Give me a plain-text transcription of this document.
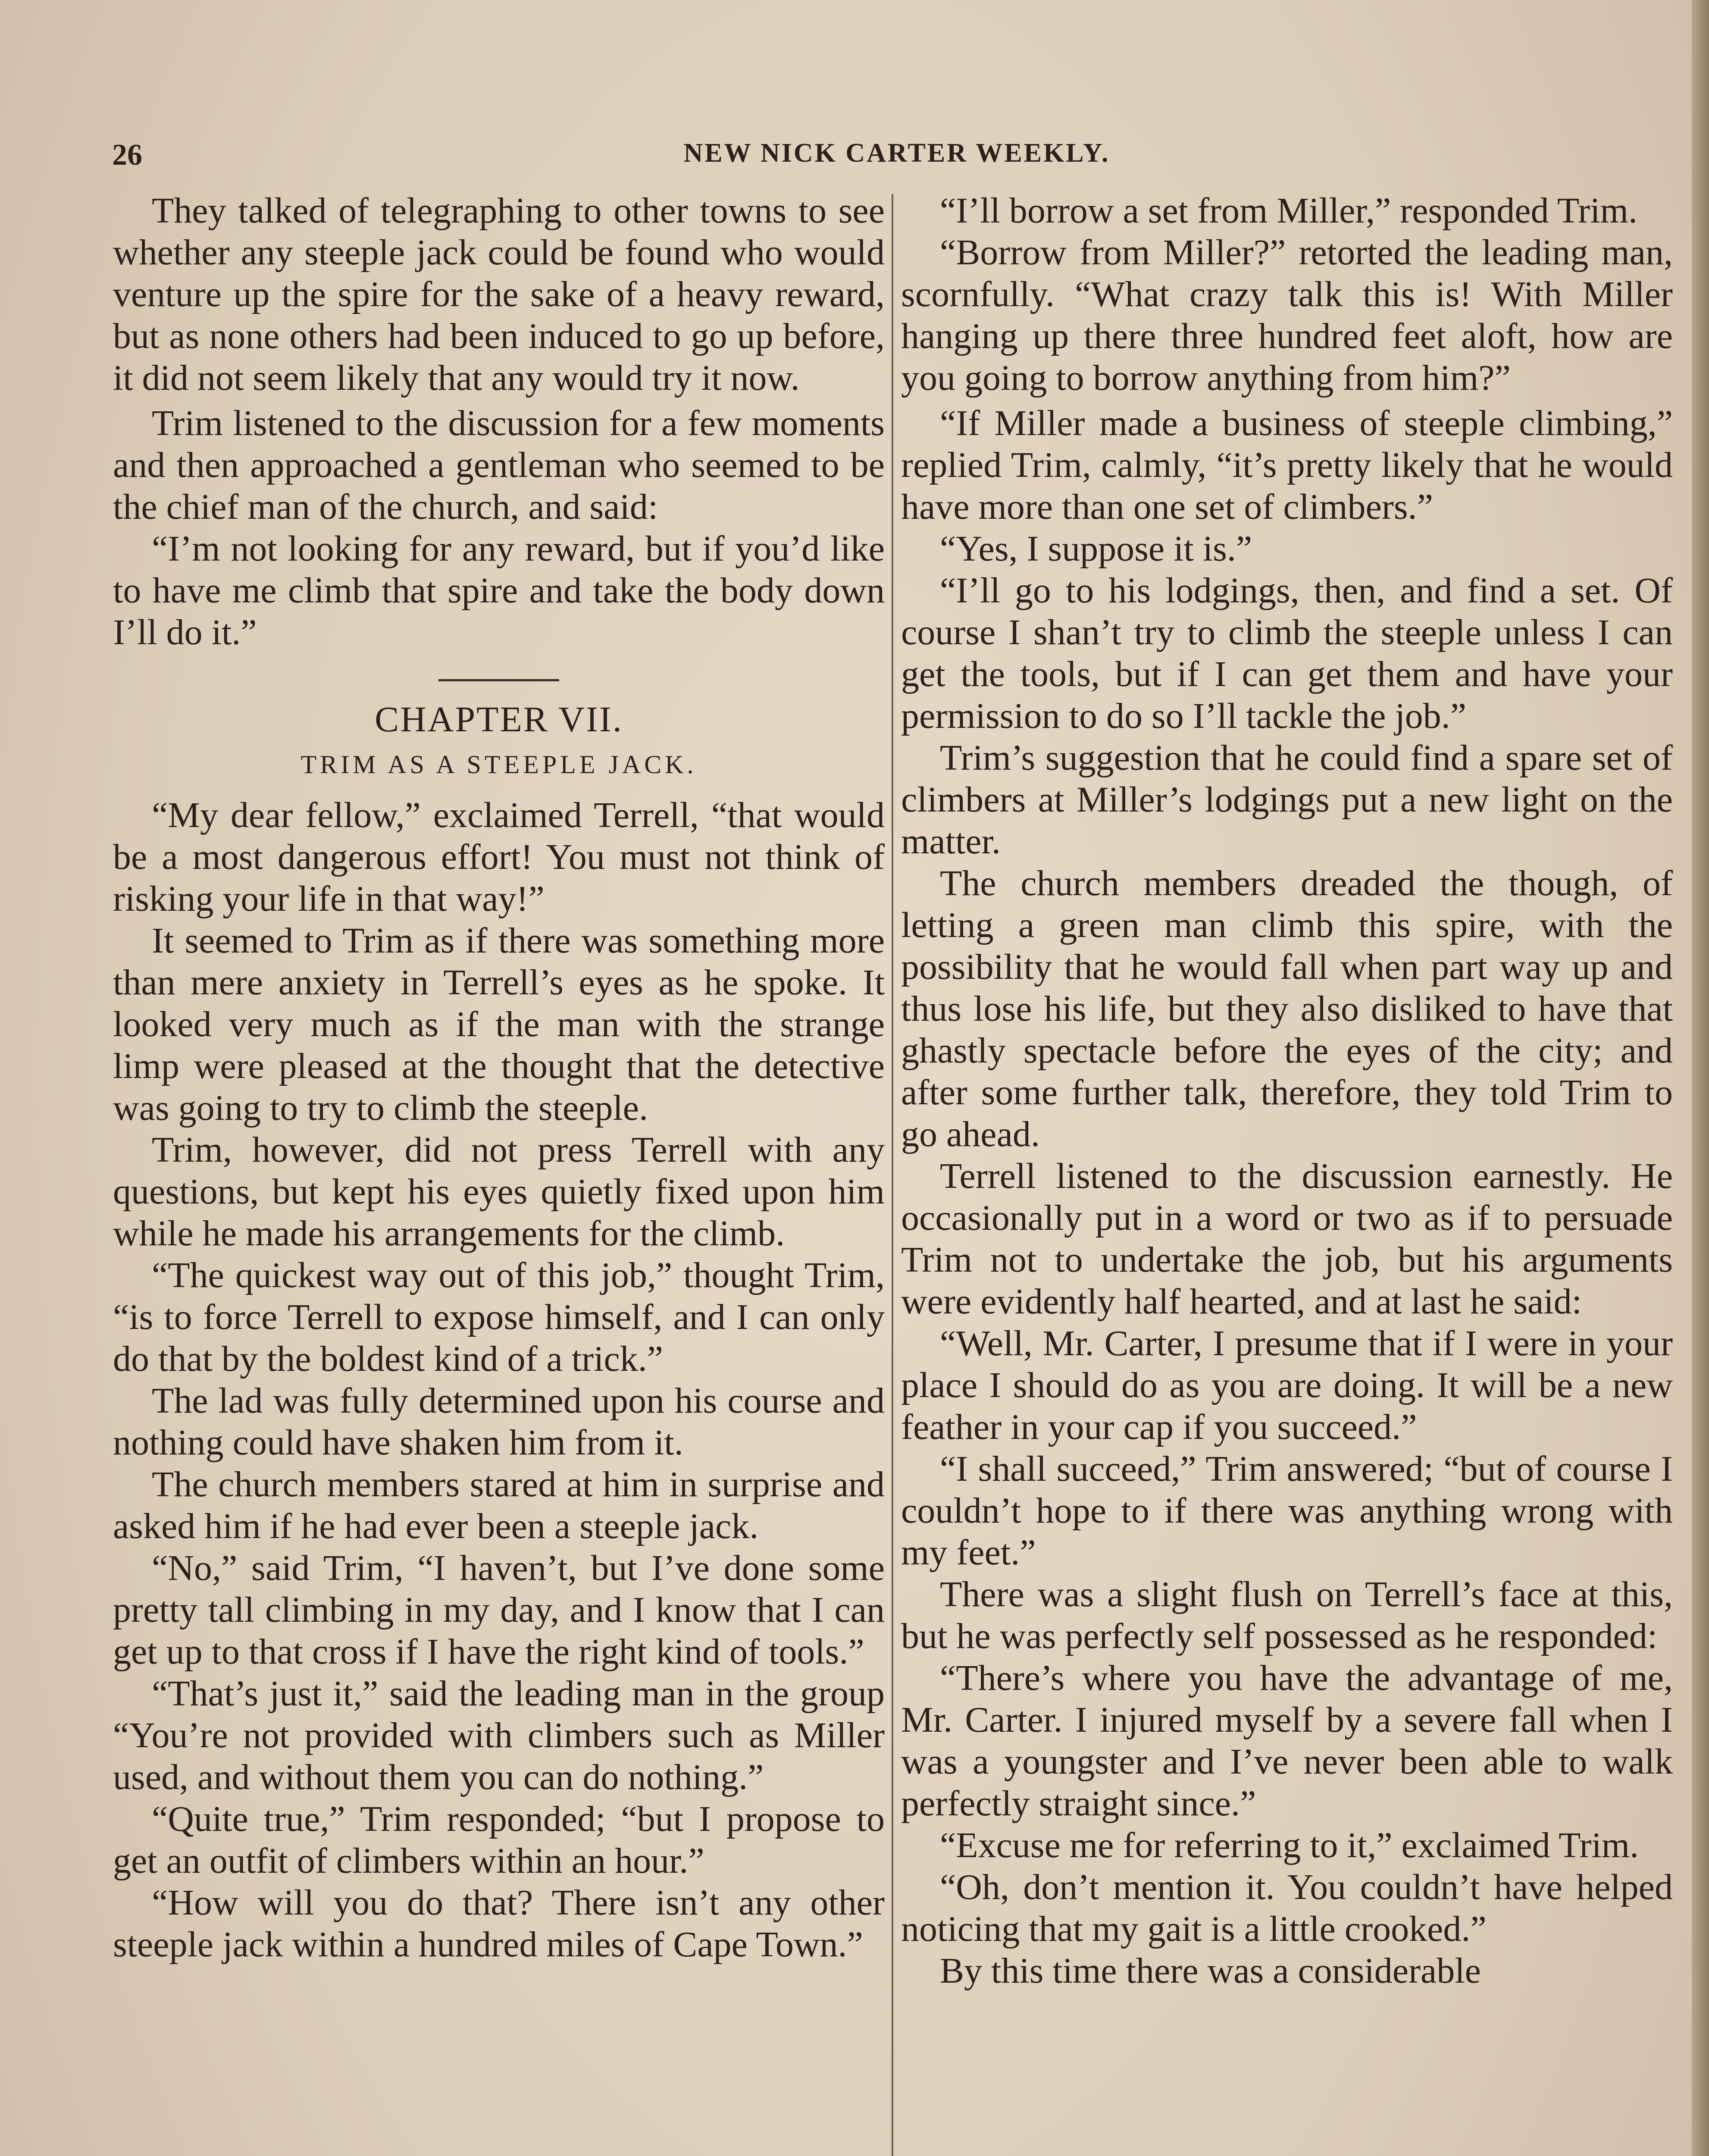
26	NEW NICK CARTER WEEKLY.

They talked of telegraphing to other towns to see whether any steeple jack could be found who would venture up the spire for the sake of a heavy reward, but as none others had been induced to go up before, it did not seem likely that any would try it now.

Trim listened to the discussion for a few moments and then approached a gentleman who seemed to be the chief man of the church, and said:

“I’m not looking for any reward, but if you’d like to have me climb that spire and take the body down I’ll do it.”

CHAPTER VII.
TRIM AS A STEEPLE JACK.

“My dear fellow,” exclaimed Terrell, “that would be a most dangerous effort! You must not think of risking your life in that way!”

It seemed to Trim as if there was something more than mere anxiety in Terrell’s eyes as he spoke. It looked very much as if the man with the strange limp were pleased at the thought that the detective was going to try to climb the steeple.

Trim, however, did not press Terrell with any questions, but kept his eyes quietly fixed upon him while he made his arrangements for the climb.

“The quickest way out of this job,” thought Trim, “is to force Terrell to expose himself, and I can only do that by the boldest kind of a trick.”

The lad was fully determined upon his course and nothing could have shaken him from it.

The church members stared at him in surprise and asked him if he had ever been a steeple jack.

“No,” said Trim, “I haven’t, but I’ve done some pretty tall climbing in my day, and I know that I can get up to that cross if I have the right kind of tools.”

“That’s just it,” said the leading man in the group “You’re not provided with climbers such as Miller used, and without them you can do nothing.”

“Quite true,” Trim responded; “but I propose to get an outfit of climbers within an hour.”

“How will you do that? There isn’t any other steeple jack within a hundred miles of Cape Town.”

“I’ll borrow a set from Miller,” responded Trim.

“Borrow from Miller?” retorted the leading man, scornfully. “What crazy talk this is! With Miller hanging up there three hundred feet aloft, how are you going to borrow anything from him?”

“If Miller made a business of steeple climbing,” replied Trim, calmly, “it’s pretty likely that he would have more than one set of climbers.”

“Yes, I suppose it is.”

“I’ll go to his lodgings, then, and find a set. Of course I shan’t try to climb the steeple unless I can get the tools, but if I can get them and have your permission to do so I’ll tackle the job.”

Trim’s suggestion that he could find a spare set of climbers at Miller’s lodgings put a new light on the matter.

The church members dreaded the though, of letting a green man climb this spire, with the possibility that he would fall when part way up and thus lose his life, but they also disliked to have that ghastly spectacle before the eyes of the city; and after some further talk, therefore, they told Trim to go ahead.

Terrell listened to the discussion earnestly. He occasionally put in a word or two as if to persuade Trim not to undertake the job, but his arguments were evidently half hearted, and at last he said:

“Well, Mr. Carter, I presume that if I were in your place I should do as you are doing. It will be a new feather in your cap if you succeed.”

“I shall succeed,” Trim answered; “but of course I couldn’t hope to if there was anything wrong with my feet.”

There was a slight flush on Terrell’s face at this, but he was perfectly self possessed as he responded:

“There’s where you have the advantage of me, Mr. Carter. I injured myself by a severe fall when I was a youngster and I’ve never been able to walk perfectly straight since.”

“Excuse me for referring to it,” exclaimed Trim.

“Oh, don’t mention it. You couldn’t have helped noticing that my gait is a little crooked.”

By this time there was a considerable
